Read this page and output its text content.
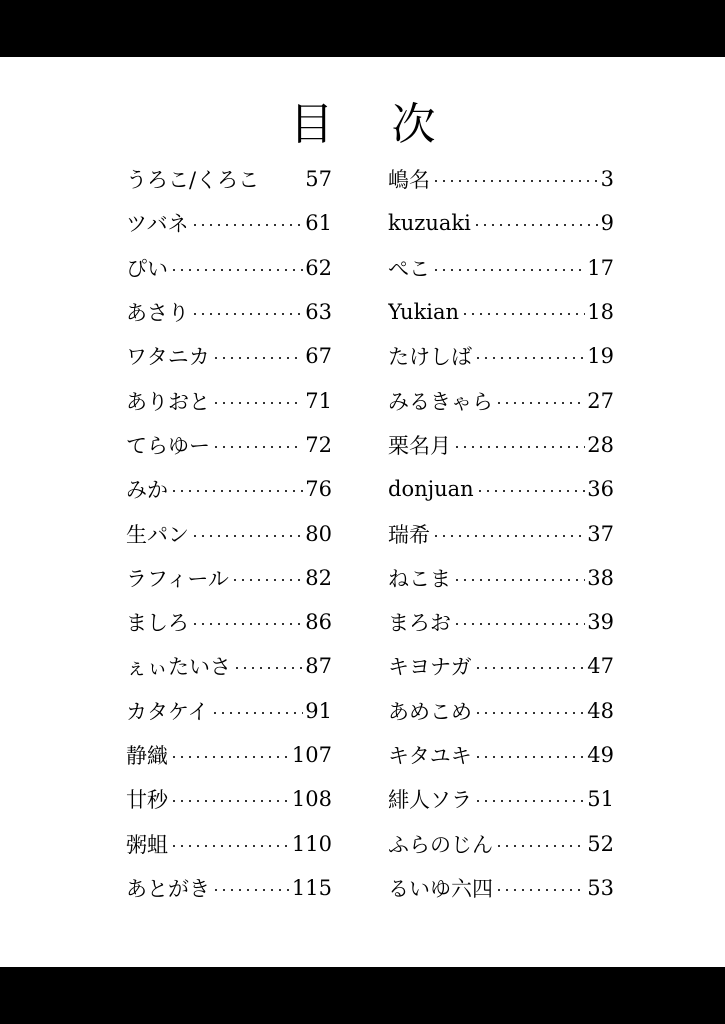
目 次
うろこ/くろこ 57
ツバネ	61
ぴい	62
あさり	63
ワタニカ	67
ありおと	71
てらゆー	72
みか	76
生パン	80
ラフィール	82
ましろ	86
ぇぃたいさ	87
カタケイ	91
静織	107
廿秒	108
粥蛆	110
あとがき	115
嶋名	3
kuzuaki	9
ぺこ	17
Yukian	18
たけしば	19
みるきゃら	27
栗名月	28
donjuan	36
瑞希	37
ねこま	38
まろお	39
キヨナガ	47
あめこめ	48
キタユキ	49
緋人ソラ	51
ふらのじん	52
るいゆ六四	53
